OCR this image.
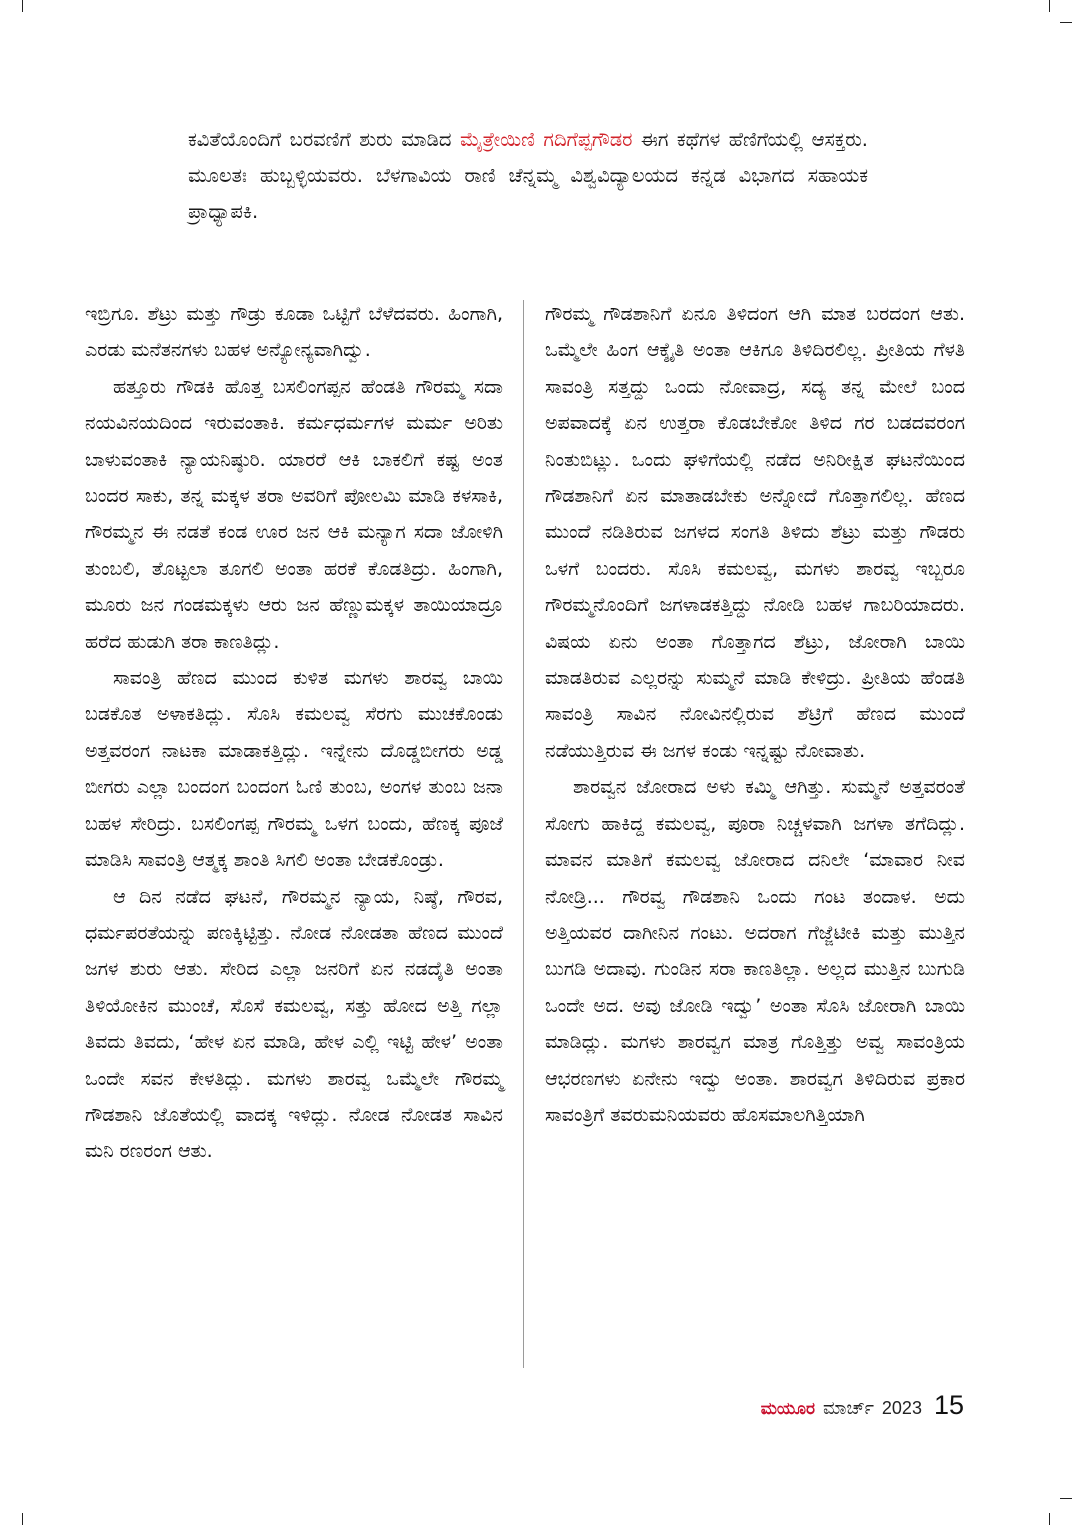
ಕವಿತೆಯೊಂದಿಗೆ ಬರವಣಿಗೆ ಶುರು ಮಾಡಿದ ಮೈತ್ರೇಯಿಣಿ ಗದಿಗೆಪ್ಪಗೌಡರ ಈಗ ಕಥೆಗಳ ಹೆಣಿಗೆಯಲ್ಲಿ ಆಸಕ್ತರು. ಮೂಲತಃ ಹುಬ್ಬಳ್ಳಿಯವರು. ಬೆಳಗಾವಿಯ ರಾಣಿ ಚೆನ್ನಮ್ಮ ವಿಶ್ವವಿದ್ಯಾಲಯದ ಕನ್ನಡ ವಿಭಾಗದ ಸಹಾಯಕ ಪ್ರಾಧ್ಯಾಪಕಿ.

ಇಬ್ರಿಗೂ. ಶೆಟ್ರು ಮತ್ತು ಗೌಡ್ರು ಕೂಡಾ ಒಟ್ಟಿಗೆ ಬೆಳೆದವರು. ಹಿಂಗಾಗಿ, ಎರಡು ಮನೆತನಗಳು ಬಹಳ ಅನ್ಯೋನ್ಯವಾಗಿದ್ವು.

ಹತ್ತೂರು ಗೌಡಕಿ ಹೊತ್ತ ಬಸಲಿಂಗಪ್ಪನ ಹೆಂಡತಿ ಗೌರಮ್ಮ ಸದಾ ನಯವಿನಯದಿಂದ ಇರುವಂತಾಕಿ. ಕರ್ಮಧರ್ಮಗಳ ಮರ್ಮ ಅರಿತು ಬಾಳುವಂತಾಕಿ ನ್ಯಾಯನಿಷ್ಠುರಿ. ಯಾರರೆ ಆಕಿ ಬಾಕಲಿಗೆ ಕಷ್ಟ ಅಂತ ಬಂದರ ಸಾಕು, ತನ್ನ ಮಕ್ಕಳ ತರಾ ಅವರಿಗೆ ಪೋಲಮಿ ಮಾಡಿ ಕಳಸಾಕಿ, ಗೌರಮ್ಮನ ಈ ನಡತೆ ಕಂಡ ಊರ ಜನ ಆಕಿ ಮನ್ಯಾಗ ಸದಾ ಜೋಳಿಗಿ ತುಂಬಲಿ, ತೊಟ್ಟಲಾ ತೂಗಲಿ ಅಂತಾ ಹರಕೆ ಕೊಡತಿದ್ರು. ಹಿಂಗಾಗಿ, ಮೂರು ಜನ ಗಂಡಮಕ್ಕಳು ಆರು ಜನ ಹೆಣ್ಣುಮಕ್ಕಳ ತಾಯಿಯಾದ್ರೂ ಹರೆದ ಹುಡುಗಿ ತರಾ ಕಾಣತಿದ್ಲು.

ಸಾವಂತ್ರಿ ಹೆಣದ ಮುಂದ ಕುಳಿತ ಮಗಳು ಶಾರವ್ವ ಬಾಯಿ ಬಡಕೊತ ಅಳಾಕತಿದ್ಲು. ಸೊಸಿ ಕಮಲವ್ವ ಸೆರಗು ಮುಚಕೊಂಡು ಅತ್ತವರಂಗ ನಾಟಕಾ ಮಾಡಾಕತ್ತಿದ್ಲು. ಇನ್ನೇನು ದೊಡ್ಡಬೀಗರು ಅಡ್ಡ ಬೀಗರು ಎಲ್ಲಾ ಬಂದಂಗ ಬಂದಂಗ ಓಣಿ ತುಂಬ, ಅಂಗಳ ತುಂಬ ಜನಾ ಬಹಳ ಸೇರಿದ್ರು. ಬಸಲಿಂಗಪ್ಪ ಗೌರಮ್ಮ ಒಳಗ ಬಂದು, ಹೆಣಕ್ಕ ಪೂಜೆ ಮಾಡಿಸಿ ಸಾವಂತ್ರಿ ಆತ್ಮಕ್ಕ ಶಾಂತಿ ಸಿಗಲಿ ಅಂತಾ ಬೇಡಕೊಂಡ್ರು.

ಆ ದಿನ ನಡೆದ ಘಟನೆ, ಗೌರಮ್ಮನ ನ್ಯಾಯ, ನಿಷ್ಠೆ, ಗೌರವ, ಧರ್ಮಪರತೆಯನ್ನು ಪಣಕ್ಕಿಟ್ಟಿತ್ತು. ನೋಡ ನೋಡತಾ ಹೆಣದ ಮುಂದೆ ಜಗಳ ಶುರು ಆತು. ಸೇರಿದ ಎಲ್ಲಾ ಜನರಿಗೆ ಏನ ನಡದೈತಿ ಅಂತಾ ತಿಳಿಯೋಕಿನ ಮುಂಚೆ, ಸೊಸೆ ಕಮಲವ್ವ, ಸತ್ತು ಹೋದ ಅತ್ತಿ ಗಲ್ಲಾ ತಿವದು ತಿವದು, ‘ಹೇಳ ಏನ ಮಾಡಿ, ಹೇಳ ಎಲ್ಲಿ ಇಟ್ಟಿ ಹೇಳ’ ಅಂತಾ ಒಂದೇ ಸವನ ಕೇಳತಿದ್ಲು. ಮಗಳು ಶಾರವ್ವ ಒಮ್ಮೆಲೇ ಗೌರಮ್ಮ ಗೌಡಶಾನಿ ಜೊತೆಯಲ್ಲಿ ವಾದಕ್ಕ ಇಳಿದ್ಲು. ನೋಡ ನೋಡತ ಸಾವಿನ ಮನಿ ರಣರಂಗ ಆತು.

ಗೌರಮ್ಮ ಗೌಡಶಾನಿಗೆ ಏನೂ ತಿಳಿದಂಗ ಆಗಿ ಮಾತ ಬರದಂಗ ಆತು. ಒಮ್ಮೆಲೇ ಹಿಂಗ ಆಕ್ಶೈತಿ ಅಂತಾ ಆಕಿಗೂ ತಿಳಿದಿರಲಿಲ್ಲ. ಪ್ರೀತಿಯ ಗೆಳತಿ ಸಾವಂತ್ರಿ ಸತ್ತದ್ದು ಒಂದು ನೋವಾದ್ರ, ಸದ್ಯ ತನ್ನ ಮೇಲೆ ಬಂದ ಅಪವಾದಕ್ಕೆ ಏನ ಉತ್ತರಾ ಕೊಡಬೇಕೋ ತಿಳಿದ ಗರ ಬಡದವರಂಗ ನಿಂತುಬಿಟ್ಲು. ಒಂದು ಘಳಿಗೆಯಲ್ಲಿ ನಡೆದ ಅನಿರೀಕ್ಷಿತ ಘಟನೆಯಿಂದ ಗೌಡಶಾನಿಗೆ ಏನ ಮಾತಾಡಬೇಕು ಅನ್ನೋದೆ ಗೊತ್ತಾಗಲಿಲ್ಲ. ಹೆಣದ ಮುಂದೆ ನಡಿತಿರುವ ಜಗಳದ ಸಂಗತಿ ತಿಳಿದು ಶೆಟ್ರು ಮತ್ತು ಗೌಡರು ಒಳಗೆ ಬಂದರು. ಸೊಸಿ ಕಮಲವ್ವ, ಮಗಳು ಶಾರವ್ವ ಇಬ್ಬರೂ ಗೌರಮ್ಮನೊಂದಿಗೆ ಜಗಳಾಡಕತ್ತಿದ್ದು ನೋಡಿ ಬಹಳ ಗಾಬರಿಯಾದರು. ವಿಷಯ ಏನು ಅಂತಾ ಗೊತ್ತಾಗದ ಶೆಟ್ರು, ಜೋರಾಗಿ ಬಾಯಿ ಮಾಡತಿರುವ ಎಲ್ಲರನ್ನು ಸುಮ್ಮನೆ ಮಾಡಿ ಕೇಳಿದ್ರು. ಪ್ರೀತಿಯ ಹೆಂಡತಿ ಸಾವಂತ್ರಿ ಸಾವಿನ ನೋವಿನಲ್ಲಿರುವ ಶೆಟ್ರಿಗೆ ಹೆಣದ ಮುಂದೆ ನಡೆಯುತ್ತಿರುವ ಈ ಜಗಳ ಕಂಡು ಇನ್ನಷ್ಟು ನೋವಾತು.

ಶಾರವ್ವನ ಜೋರಾದ ಅಳು ಕಮ್ಮಿ ಆಗಿತ್ತು. ಸುಮ್ಮನೆ ಅತ್ತವರಂತೆ ಸೋಗು ಹಾಕಿದ್ದ ಕಮಲವ್ವ, ಪೂರಾ ನಿಚ್ಚಳವಾಗಿ ಜಗಳಾ ತಗೆದಿದ್ಲು. ಮಾವನ ಮಾತಿಗೆ ಕಮಲವ್ವ ಜೋರಾದ ದನಿಲೇ ‘ಮಾವಾರ ನೀವ ನೋಡ್ರಿ... ಗೌರವ್ವ ಗೌಡಶಾನಿ ಒಂದು ಗಂಟ ತಂದಾಳ. ಅದು ಅತ್ತಿಯವರ ದಾಗೀನಿನ ಗಂಟು. ಅದರಾಗ ಗೆಜ್ಜೆಟೀಕಿ ಮತ್ತು ಮುತ್ತಿನ ಬುಗಡಿ ಅದಾವು. ಗುಂಡಿನ ಸರಾ ಕಾಣತಿಲ್ಲಾ. ಅಲ್ಲದ ಮುತ್ತಿನ ಬುಗುಡಿ ಒಂದೇ ಅದ. ಅವು ಜೋಡಿ ಇದ್ವು’ ಅಂತಾ ಸೊಸಿ ಜೋರಾಗಿ ಬಾಯಿ ಮಾಡಿದ್ಲು. ಮಗಳು ಶಾರವ್ವಗ ಮಾತ್ರ ಗೊತ್ತಿತ್ತು ಅವ್ವ ಸಾವಂತ್ರಿಯ ಆಭರಣಗಳು ಏನೇನು ಇದ್ವು ಅಂತಾ. ಶಾರವ್ವಗ ತಿಳಿದಿರುವ ಪ್ರಕಾರ ಸಾವಂತ್ರಿಗೆ ತವರುಮನಿಯವರು ಹೊಸಮಾಲಗಿತ್ತಿಯಾಗಿ

ಮಯೂರ ಮಾರ್ಚ್ 2023 15
